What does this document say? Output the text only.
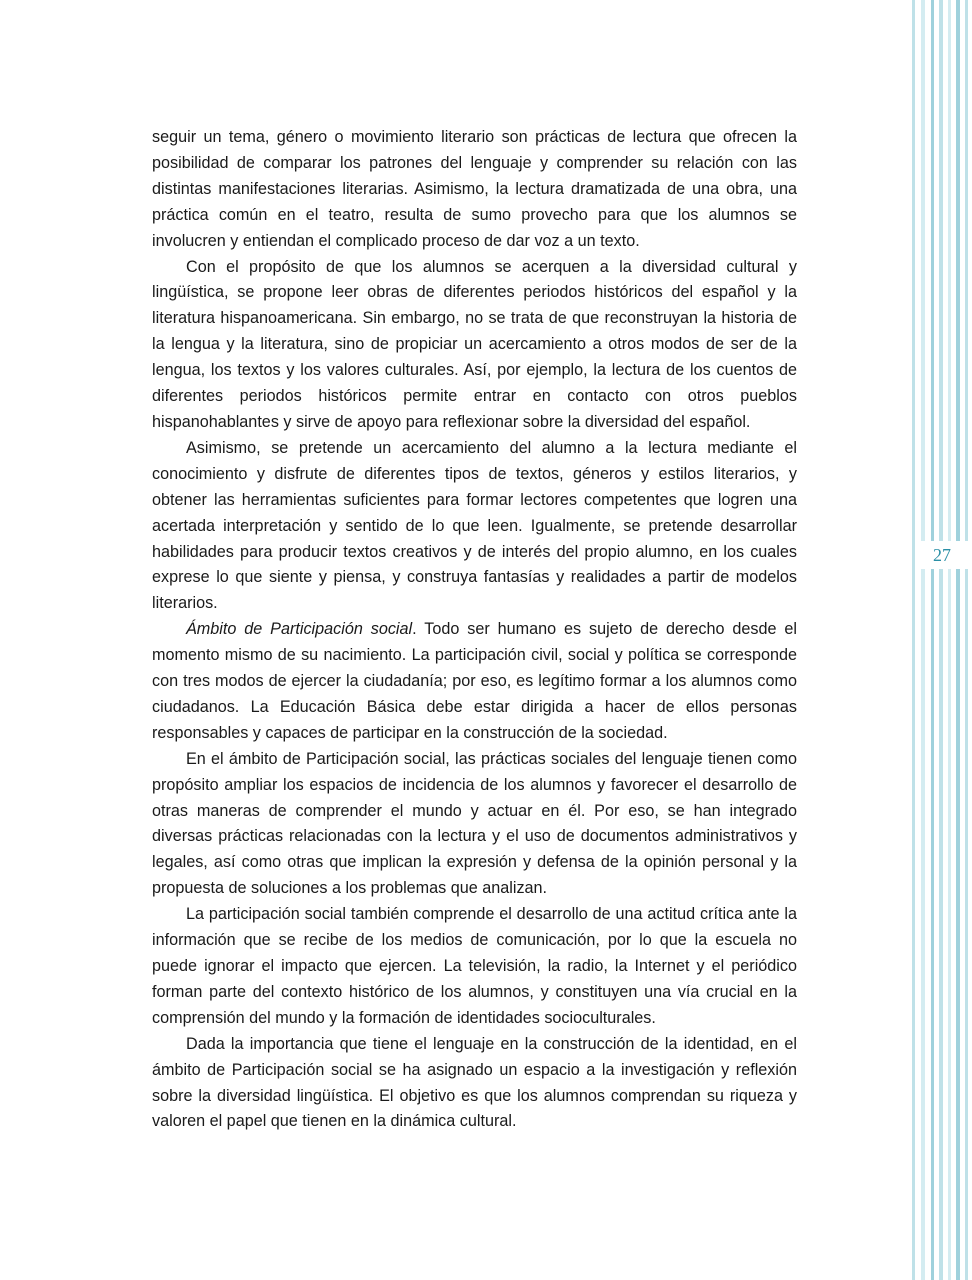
27

seguir un tema, género o movimiento literario son prácticas de lectura que ofrecen la posibilidad de comparar los patrones del lenguaje y comprender su relación con las distintas manifestaciones literarias. Asimismo, la lectura dramatizada de una obra, una práctica común en el teatro, resulta de sumo provecho para que los alumnos se involucren y entiendan el complicado proceso de dar voz a un texto.

Con el propósito de que los alumnos se acerquen a la diversidad cultural y lingüística, se propone leer obras de diferentes periodos históricos del español y la literatura hispanoamericana. Sin embargo, no se trata de que reconstruyan la historia de la lengua y la literatura, sino de propiciar un acercamiento a otros modos de ser de la lengua, los textos y los valores culturales. Así, por ejemplo, la lectura de los cuentos de diferentes periodos históricos permite entrar en contacto con otros pueblos hispanohablantes y sirve de apoyo para reflexionar sobre la diversidad del español.

Asimismo, se pretende un acercamiento del alumno a la lectura mediante el conocimiento y disfrute de diferentes tipos de textos, géneros y estilos literarios, y obtener las herramientas suficientes para formar lectores competentes que logren una acertada interpretación y sentido de lo que leen. Igualmente, se pretende desarrollar habilidades para producir textos creativos y de interés del propio alumno, en los cuales exprese lo que siente y piensa, y construya fantasías y realidades a partir de modelos literarios.

Ámbito de Participación social. Todo ser humano es sujeto de derecho desde el momento mismo de su nacimiento. La participación civil, social y política se corresponde con tres modos de ejercer la ciudadanía; por eso, es legítimo formar a los alumnos como ciudadanos. La Educación Básica debe estar dirigida a hacer de ellos personas responsables y capaces de participar en la construcción de la sociedad.

En el ámbito de Participación social, las prácticas sociales del lenguaje tienen como propósito ampliar los espacios de incidencia de los alumnos y favorecer el desarrollo de otras maneras de comprender el mundo y actuar en él. Por eso, se han integrado diversas prácticas relacionadas con la lectura y el uso de documentos administrativos y legales, así como otras que implican la expresión y defensa de la opinión personal y la propuesta de soluciones a los problemas que analizan.

La participación social también comprende el desarrollo de una actitud crítica ante la información que se recibe de los medios de comunicación, por lo que la escuela no puede ignorar el impacto que ejercen. La televisión, la radio, la Internet y el periódico forman parte del contexto histórico de los alumnos, y constituyen una vía crucial en la comprensión del mundo y la formación de identidades socioculturales.

Dada la importancia que tiene el lenguaje en la construcción de la identidad, en el ámbito de Participación social se ha asignado un espacio a la investigación y reflexión sobre la diversidad lingüística. El objetivo es que los alumnos comprendan su riqueza y valoren el papel que tienen en la dinámica cultural.
